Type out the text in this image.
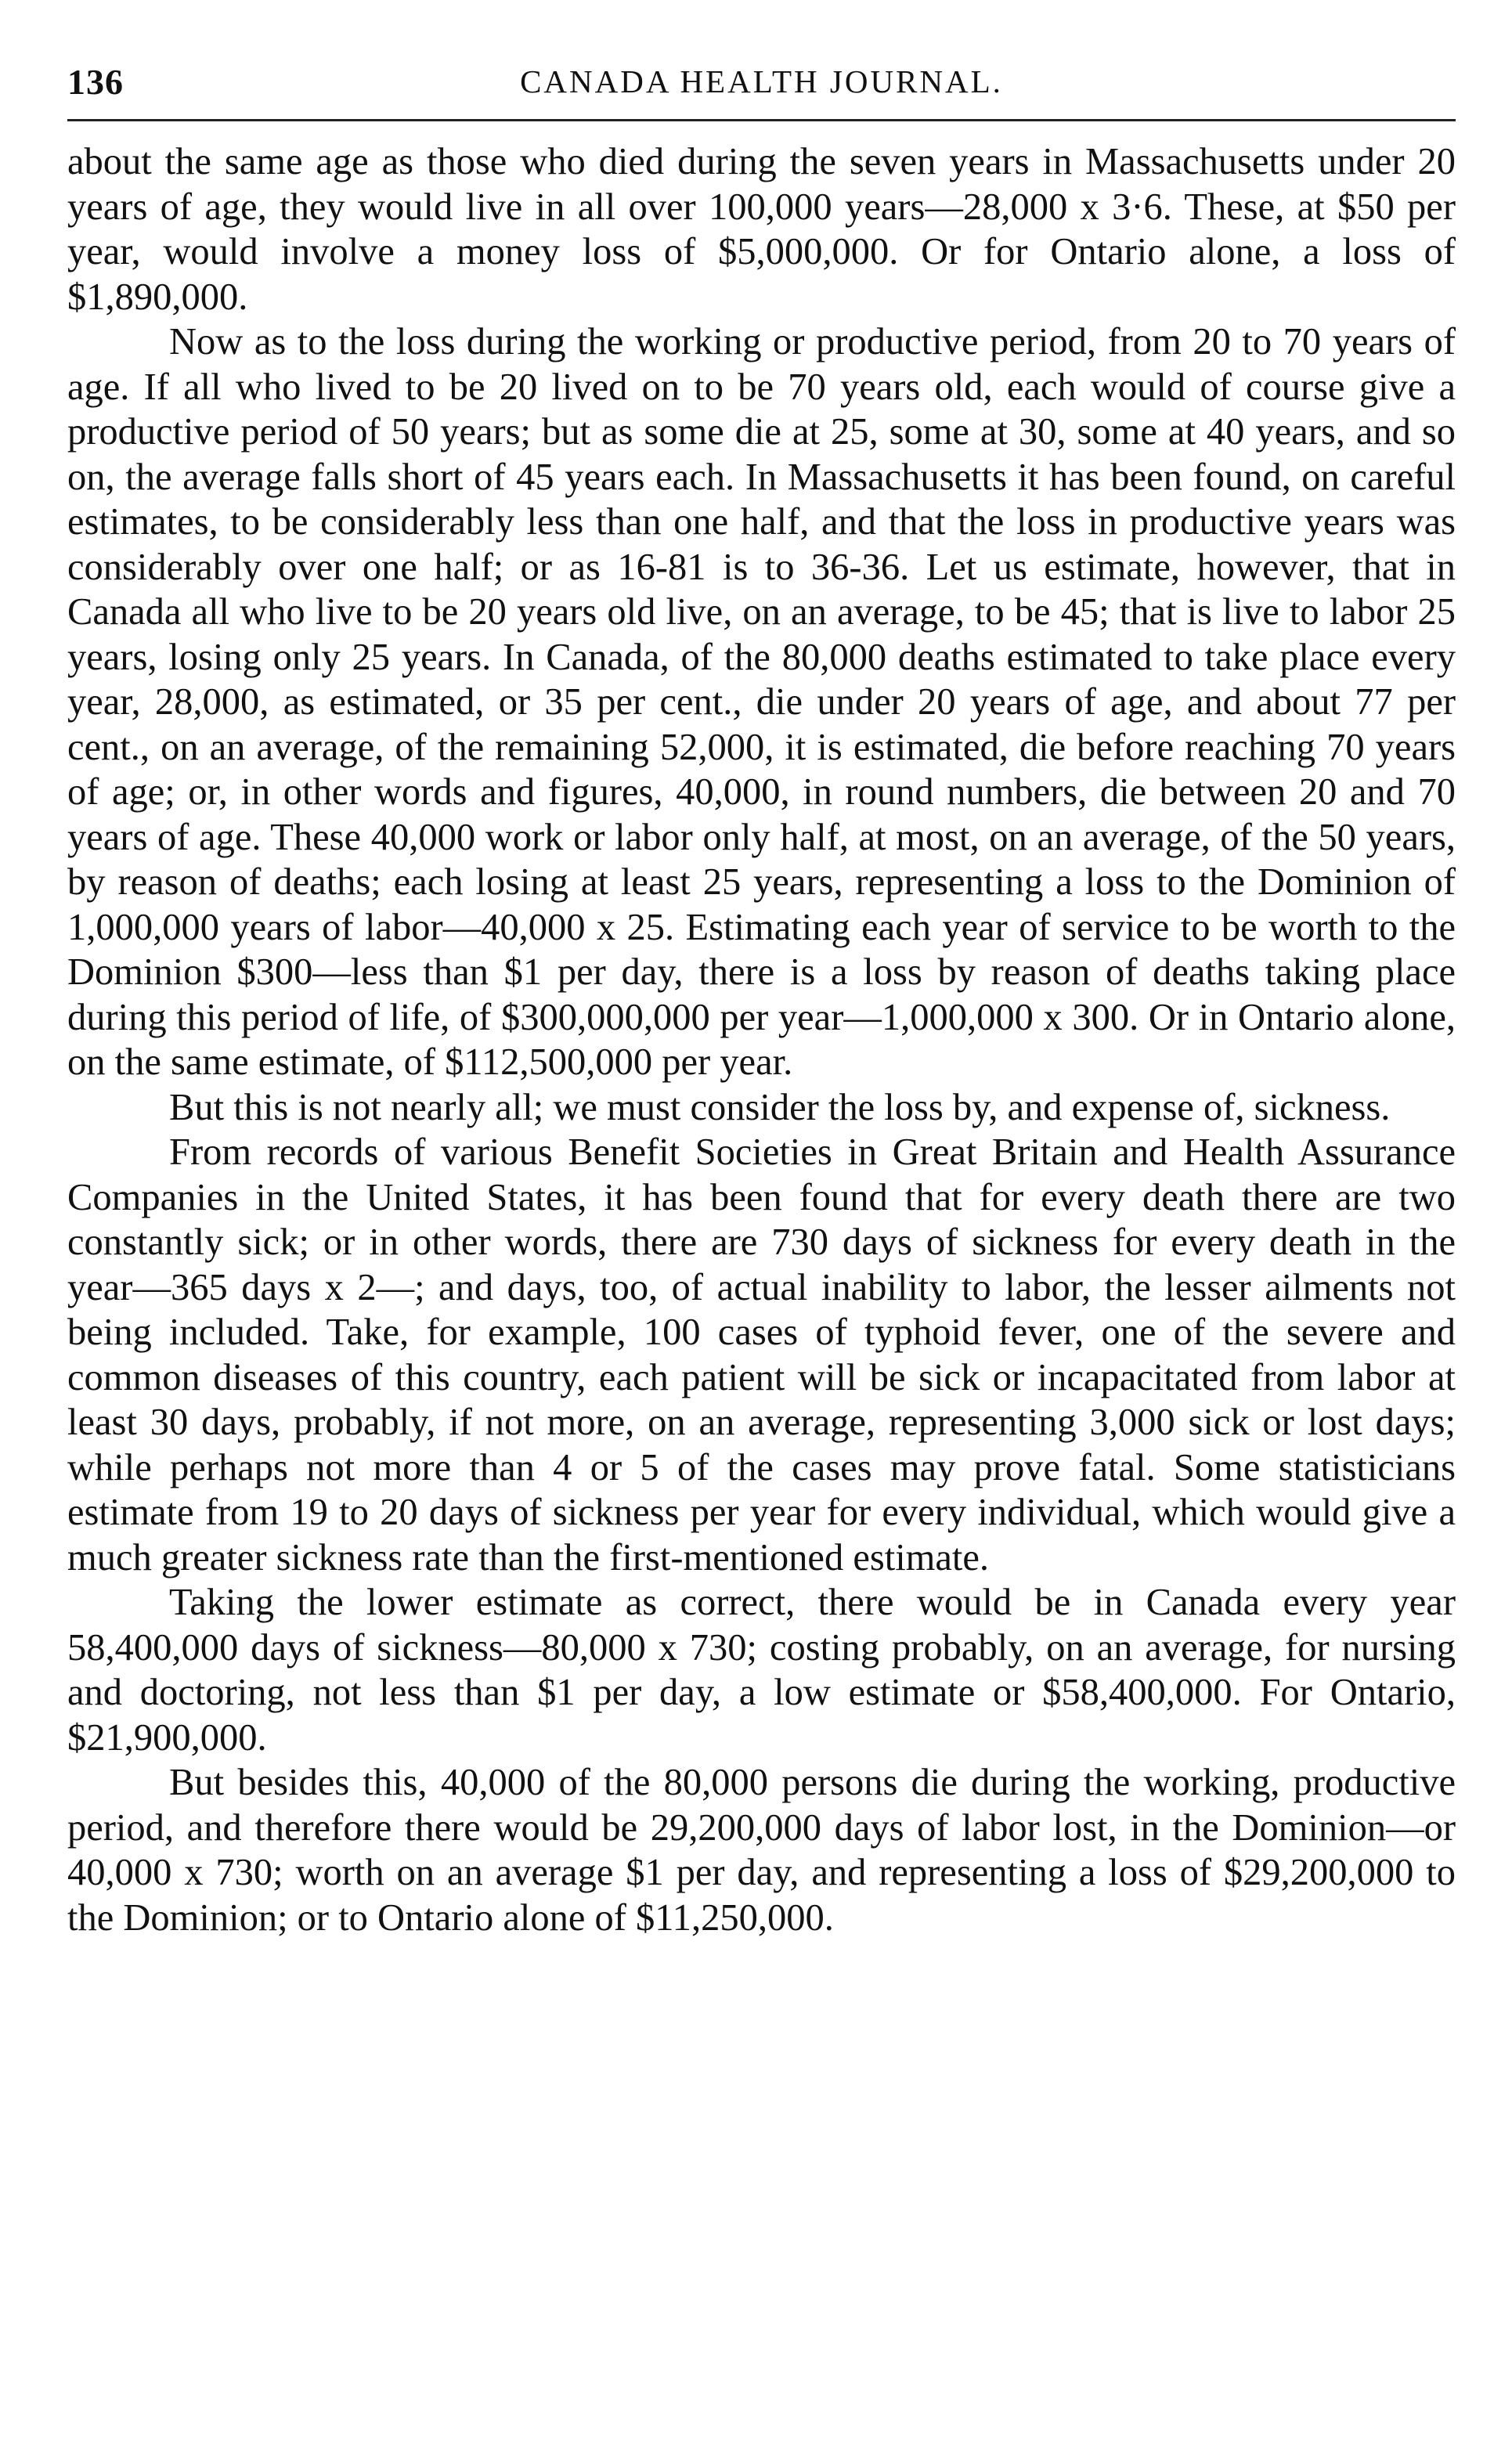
136	CANADA HEALTH JOURNAL.

about the same age as those who died during the seven years in Massachusetts under 20 years of age, they would live in all over 100,000 years—28,000 x 3·6. These, at $50 per year, would involve a money loss of $5,000,000. Or for Ontario alone, a loss of $1,890,000.

Now as to the loss during the working or productive period, from 20 to 70 years of age. If all who lived to be 20 lived on to be 70 years old, each would of course give a productive period of 50 years; but as some die at 25, some at 30, some at 40 years, and so on, the average falls short of 45 years each. In Massachusetts it has been found, on careful estimates, to be considerably less than one half, and that the loss in productive years was considerably over one half; or as 16-81 is to 36-36. Let us estimate, however, that in Canada all who live to be 20 years old live, on an average, to be 45; that is live to labor 25 years, losing only 25 years. In Canada, of the 80,000 deaths estimated to take place every year, 28,000, as estimated, or 35 per cent., die under 20 years of age, and about 77 per cent., on an average, of the remaining 52,000, it is estimated, die before reaching 70 years of age; or, in other words and figures, 40,000, in round numbers, die between 20 and 70 years of age. These 40,000 work or labor only half, at most, on an average, of the 50 years, by reason of deaths; each losing at least 25 years, representing a loss to the Dominion of 1,000,000 years of labor—40,000 x 25. Estimating each year of service to be worth to the Dominion $300—less than $1 per day, there is a loss by reason of deaths taking place during this period of life, of $300,000,000 per year—1,000,000 x 300. Or in Ontario alone, on the same estimate, of $112,500,000 per year.

But this is not nearly all; we must consider the loss by, and expense of, sickness.

From records of various Benefit Societies in Great Britain and Health Assurance Companies in the United States, it has been found that for every death there are two constantly sick; or in other words, there are 730 days of sickness for every death in the year—365 days x 2—; and days, too, of actual inability to labor, the lesser ailments not being included. Take, for example, 100 cases of typhoid fever, one of the severe and common diseases of this country, each patient will be sick or incapacitated from labor at least 30 days, probably, if not more, on an average, representing 3,000 sick or lost days; while perhaps not more than 4 or 5 of the cases may prove fatal. Some statisticians estimate from 19 to 20 days of sickness per year for every individual, which would give a much greater sickness rate than the first-mentioned estimate.

Taking the lower estimate as correct, there would be in Canada every year 58,400,000 days of sickness—80,000 x 730; costing probably, on an average, for nursing and doctoring, not less than $1 per day, a low estimate or $58,400,000. For Ontario, $21,900,000.

But besides this, 40,000 of the 80,000 persons die during the working, productive period, and therefore there would be 29,200,000 days of labor lost, in the Dominion—or 40,000 x 730; worth on an average $1 per day, and representing a loss of $29,200,000 to the Dominion; or to Ontario alone of $11,250,000.
